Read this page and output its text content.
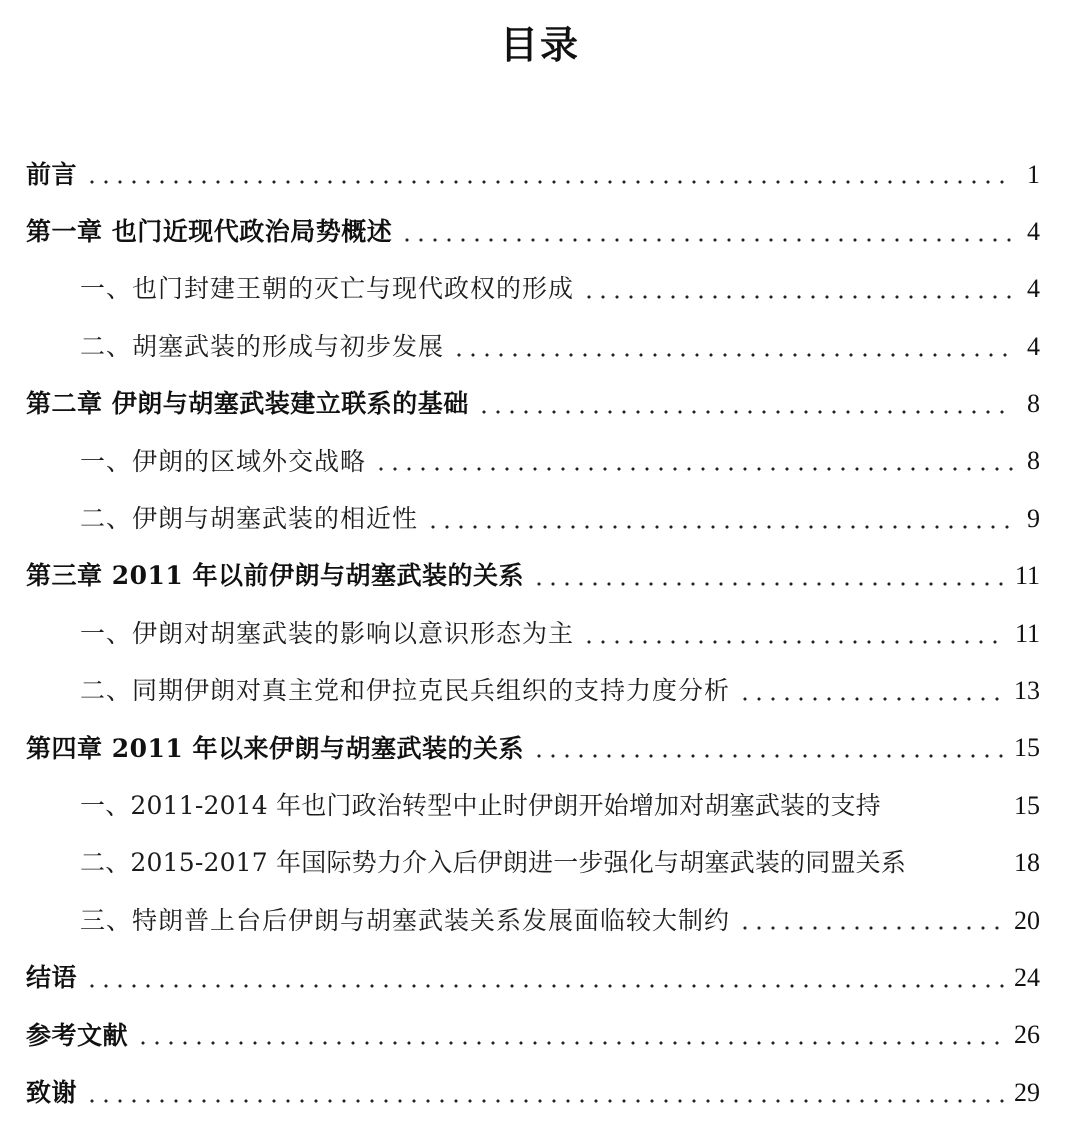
目录
前言	1
第一章 也门近现代政治局势概述	4
一、也门封建王朝的灭亡与现代政权的形成	4
二、胡塞武装的形成与初步发展	4
第二章 伊朗与胡塞武装建立联系的基础	8
一、伊朗的区域外交战略	8
二、伊朗与胡塞武装的相近性	9
第三章 2011 年以前伊朗与胡塞武装的关系	11
一、伊朗对胡塞武装的影响以意识形态为主	11
二、同期伊朗对真主党和伊拉克民兵组织的支持力度分析	13
第四章 2011 年以来伊朗与胡塞武装的关系	15
一、2011-2014 年也门政治转型中止时伊朗开始增加对胡塞武装的支持	15
二、2015-2017 年国际势力介入后伊朗进一步强化与胡塞武装的同盟关系	18
三、特朗普上台后伊朗与胡塞武装关系发展面临较大制约	20
结语	24
参考文献	26
致谢	29
